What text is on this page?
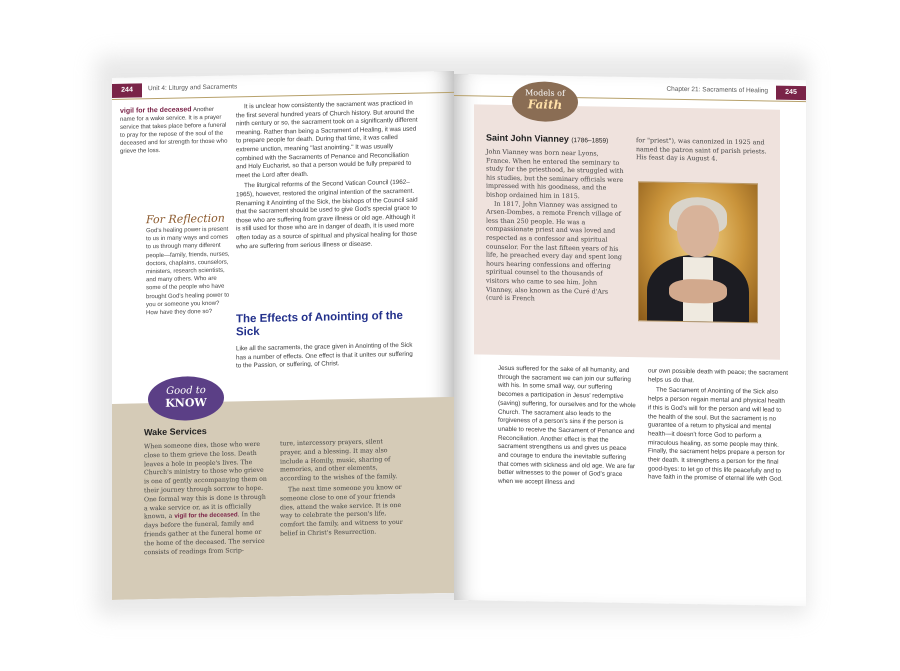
244	Unit 4: Liturgy and Sacraments
vigil for the deceased Another name for a wake service. It is a prayer service that takes place before a funeral to pray for the repose of the soul of the deceased and for strength for those who grieve the loss.
For Reflection
God's healing power is present to us in many ways and comes to us through many different people—family, friends, nurses, doctors, chaplains, counselors, ministers, research scientists, and many others. Who are some of the people who have brought God's healing power to you or someone you know? How have they done so?

It is unclear how consistently the sacrament was practiced in the first several hundred years of Church history. But around the ninth century or so, the sacrament took on a significantly different meaning. Rather than being a Sacrament of Healing, it was used to prepare people for death. During that time, it was called extreme unction, meaning "last anointing." It was usually combined with the Sacraments of Penance and Reconciliation and Holy Eucharist, so that a person would be fully prepared to meet the Lord after death.

The liturgical reforms of the Second Vatican Council (1962–1965), however, restored the original intention of the sacrament. Renaming it Anointing of the Sick, the bishops of the Council said that the sacrament should be used to give God's special grace to those who are suffering from grave illness or old age. Although it is still used for those who are in danger of death, it is used more often today as a source of spiritual and physical healing for those who are suffering from serious illness or disease.

The Effects of Anointing of the Sick
Like all the sacraments, the grace given in Anointing of the Sick has a number of effects. One effect is that it unites our suffering to the Passion, or suffering, of Christ.
Good to
KNOW
Wake Services
When someone dies, those who were close to them grieve the loss. Death leaves a hole in people's lives. The Church's ministry to those who grieve is one of gently accompanying them on their journey through sorrow to hope. One formal way this is done is through a wake service or, as it is officially known, a vigil for the deceased. In the days before the funeral, family and friends gather at the funeral home or the home of the deceased. The service consists of readings from Scrip-

ture, intercessory prayers, silent prayer, and a blessing. It may also include a Homily, music, sharing of memories, and other elements, according to the wishes of the family.

The next time someone you know or someone close to one of your friends dies, attend the wake service. It is one way to celebrate the person's life, comfort the family, and witness to your belief in Christ's Resurrection.

245
Chapter 21: Sacraments of Healing
Models of
Faith
Saint John Vianney (1786–1859)

John Vianney was born near Lyons, France. When he entered the seminary to study for the priesthood, he struggled with his studies, but the seminary officials were impressed with his goodness, and the bishop ordained him in 1815.

In 1817, John Vianney was assigned to Arsen-Dombes, a remote French village of less than 250 people. He was a compassionate priest and was loved and respected as a confessor and spiritual counselor. For the last fifteen years of his life, he preached every day and spent long hours hearing confessions and offering spiritual counsel to the thousands of visitors who came to see him. John Vianney, also known as the Curé d'Ars (curé is French

for "priest"), was canonized in 1925 and named the patron saint of parish priests. His feast day is August 4.
Jesus suffered for the sake of all humanity, and through the sacrament we can join our suffering with his. In some small way, our suffering becomes a participation in Jesus' redemptive (saving) suffering, for ourselves and for the whole Church. The sacrament also leads to the forgiveness of a person's sins if the person is unable to receive the Sacrament of Penance and Reconciliation. Another effect is that the sacrament strengthens us and gives us peace and courage to endure the inevitable suffering that comes with sickness and old age. We are far better witnesses to the power of God's grace when we accept illness and

our own possible death with peace; the sacrament helps us do that.

The Sacrament of Anointing of the Sick also helps a person regain mental and physical health if this is God's will for the person and will lead to the health of the soul. But the sacrament is no guarantee of a return to physical and mental health—it doesn't force God to perform a miraculous healing, as some people may think. Finally, the sacrament helps prepare a person for their death. It strengthens a person for the final good-byes: to let go of this life peacefully and to have faith in the promise of eternal life with God.
